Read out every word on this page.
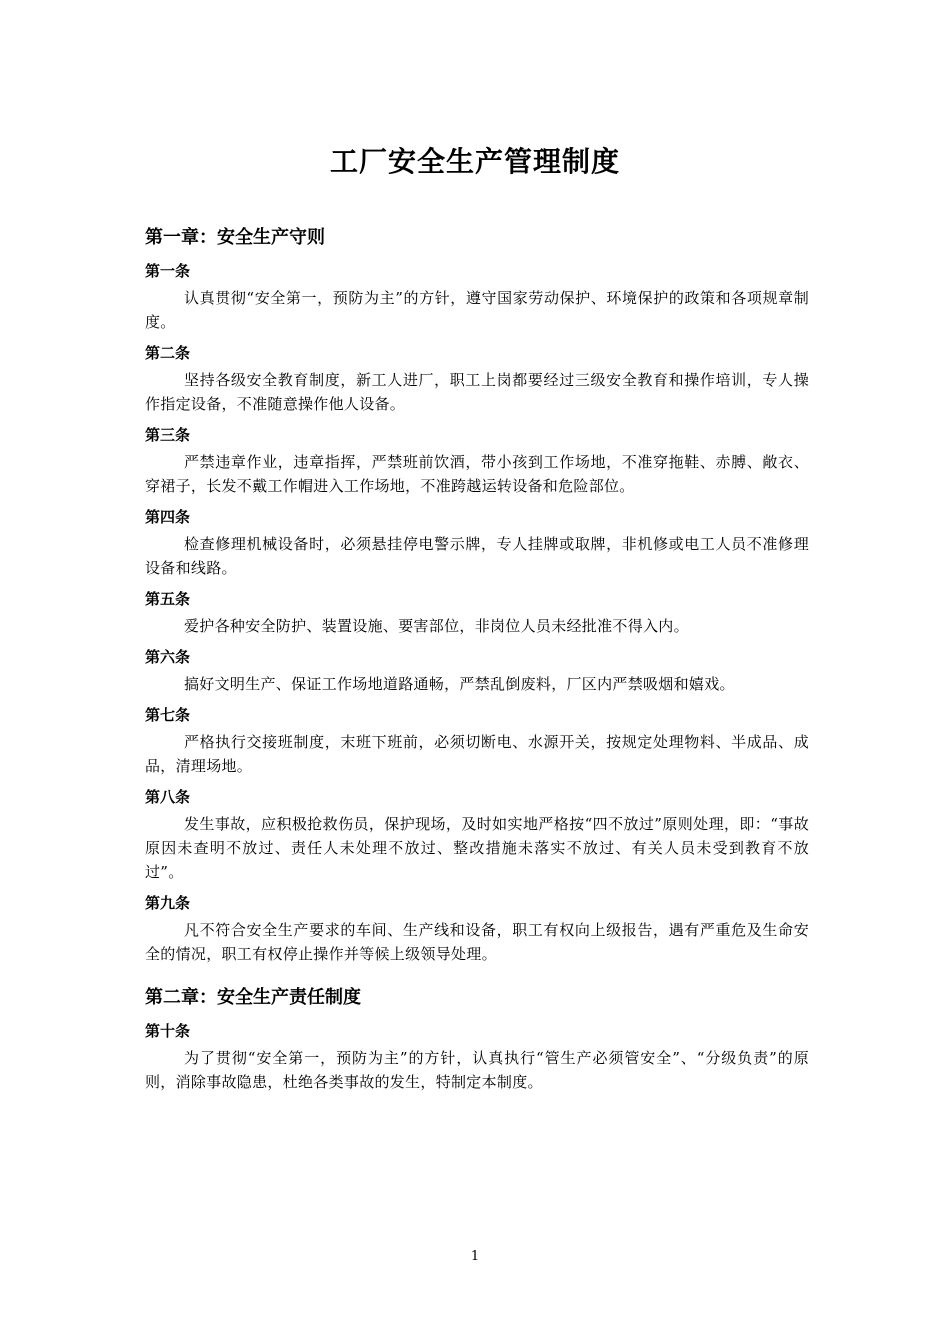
工厂安全生产管理制度
第一章：安全生产守则
第一条

认真贯彻“安全第一，预防为主”的方针，遵守国家劳动保护、环境保护的政策和各项规章制度。

第二条

坚持各级安全教育制度，新工人进厂，职工上岗都要经过三级安全教育和操作培训，专人操作指定设备，不准随意操作他人设备。

第三条

严禁违章作业，违章指挥，严禁班前饮酒，带小孩到工作场地，不准穿拖鞋、赤膊、敞衣、穿裙子，长发不戴工作帽进入工作场地，不准跨越运转设备和危险部位。

第四条

检查修理机械设备时，必须悬挂停电警示牌，专人挂牌或取牌，非机修或电工人员不准修理设备和线路。

第五条

爱护各种安全防护、装置设施、要害部位，非岗位人员未经批准不得入内。

第六条

搞好文明生产、保证工作场地道路通畅，严禁乱倒废料，厂区内严禁吸烟和嬉戏。

第七条

严格执行交接班制度，末班下班前，必须切断电、水源开关，按规定处理物料、半成品、成品，清理场地。

第八条

发生事故，应积极抢救伤员，保护现场，及时如实地严格按“四不放过”原则处理，即：“事故原因未查明不放过、责任人未处理不放过、整改措施未落实不放过、有关人员未受到教育不放过”。

第九条

凡不符合安全生产要求的车间、生产线和设备，职工有权向上级报告，遇有严重危及生命安全的情况，职工有权停止操作并等候上级领导处理。

第二章：安全生产责任制度
第十条

为了贯彻“安全第一，预防为主”的方针，认真执行“管生产必须管安全”、“分级负责”的原则，消除事故隐患，杜绝各类事故的发生，特制定本制度。

1
